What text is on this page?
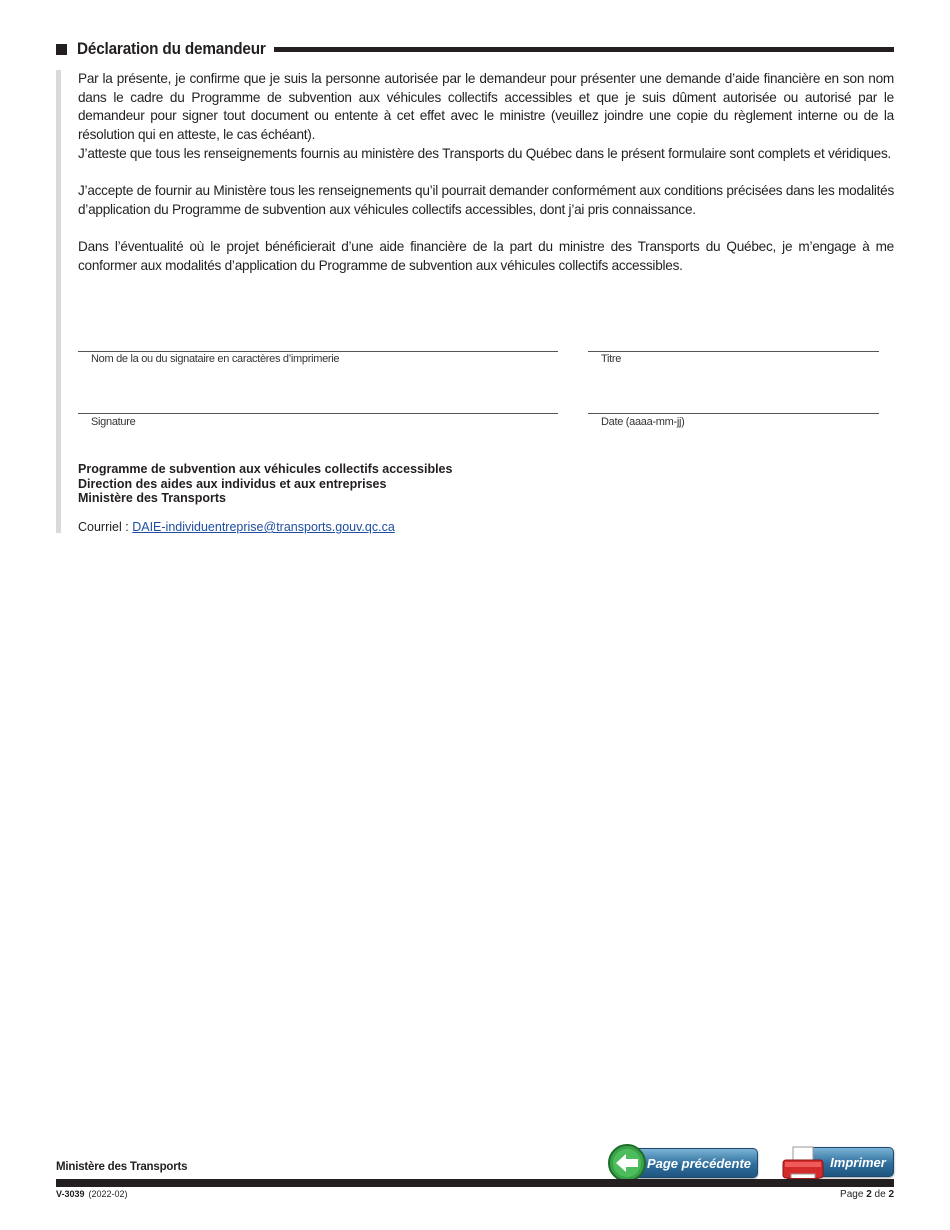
Déclaration du demandeur

Par la présente, je confirme que je suis la personne autorisée par le demandeur pour présenter une demande d’aide financière en son nom dans le cadre du Programme de subvention aux véhicules collectifs accessibles et que je suis dûment autorisée ou autorisé par le demandeur pour signer tout document ou entente à cet effet avec le ministre (veuillez joindre une copie du règlement interne ou de la résolution qui en atteste, le cas échéant).

J’atteste que tous les renseignements fournis au ministère des Transports du Québec dans le présent formulaire sont complets et véridiques.

J’accepte de fournir au Ministère tous les renseignements qu’il pourrait demander conformément aux conditions précisées dans les modalités d’application du Programme de subvention aux véhicules collectifs accessibles, dont j’ai pris connaissance.

Dans l’éventualité où le projet bénéficierait d’une aide financière de la part du ministre des Transports du Québec, je m’engage à me conformer aux modalités d’application du Programme de subvention aux véhicules collectifs accessibles.

Nom de la ou du signataire en caractères d’imprimerie	Titre
Signature	Date (aaaa-mm-jj)
Programme de subvention aux véhicules collectifs accessibles
Direction des aides aux individus et aux entreprises
Ministère des Transports
Courriel : DAIE-individuentreprise@transports.gouv.qc.ca
Page précédente	Imprimer
Ministère des Transports
V-3039 (2022-02)	Page 2 de 2
